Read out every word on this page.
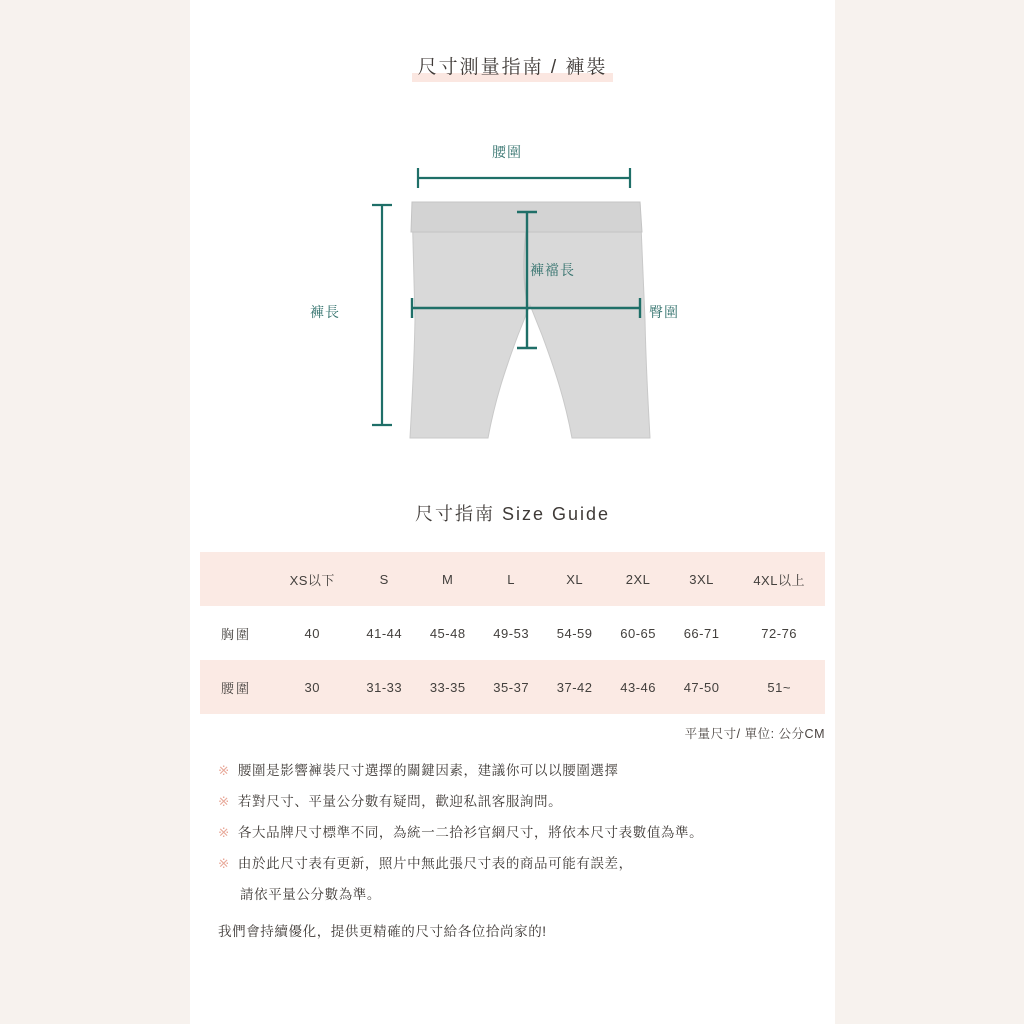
尺寸測量指南 / 褲裝
腰圍
褲襠長
褲長	臀圍
尺寸指南 Size Guide
	XS以下	S	M	L	XL	2XL	3XL	4XL以上
胸圍	40	41-44	45-48	49-53	54-59	60-65	66-71	72-76
腰圍	30	31-33	33-35	35-37	37-42	43-46	47-50	51~
平量尺寸/ 單位: 公分CM
※ 腰圍是影響褲裝尺寸選擇的關鍵因素，建議你可以以腰圍選擇
※ 若對尺寸、平量公分數有疑問，歡迎私訊客服詢問。
※ 各大品牌尺寸標準不同，為統一二拾衫官網尺寸，將依本尺寸表數值為準。
※ 由於此尺寸表有更新，照片中無此張尺寸表的商品可能有誤差，
請依平量公分數為準。
我們會持續優化，提供更精確的尺寸給各位拾尚家的!
